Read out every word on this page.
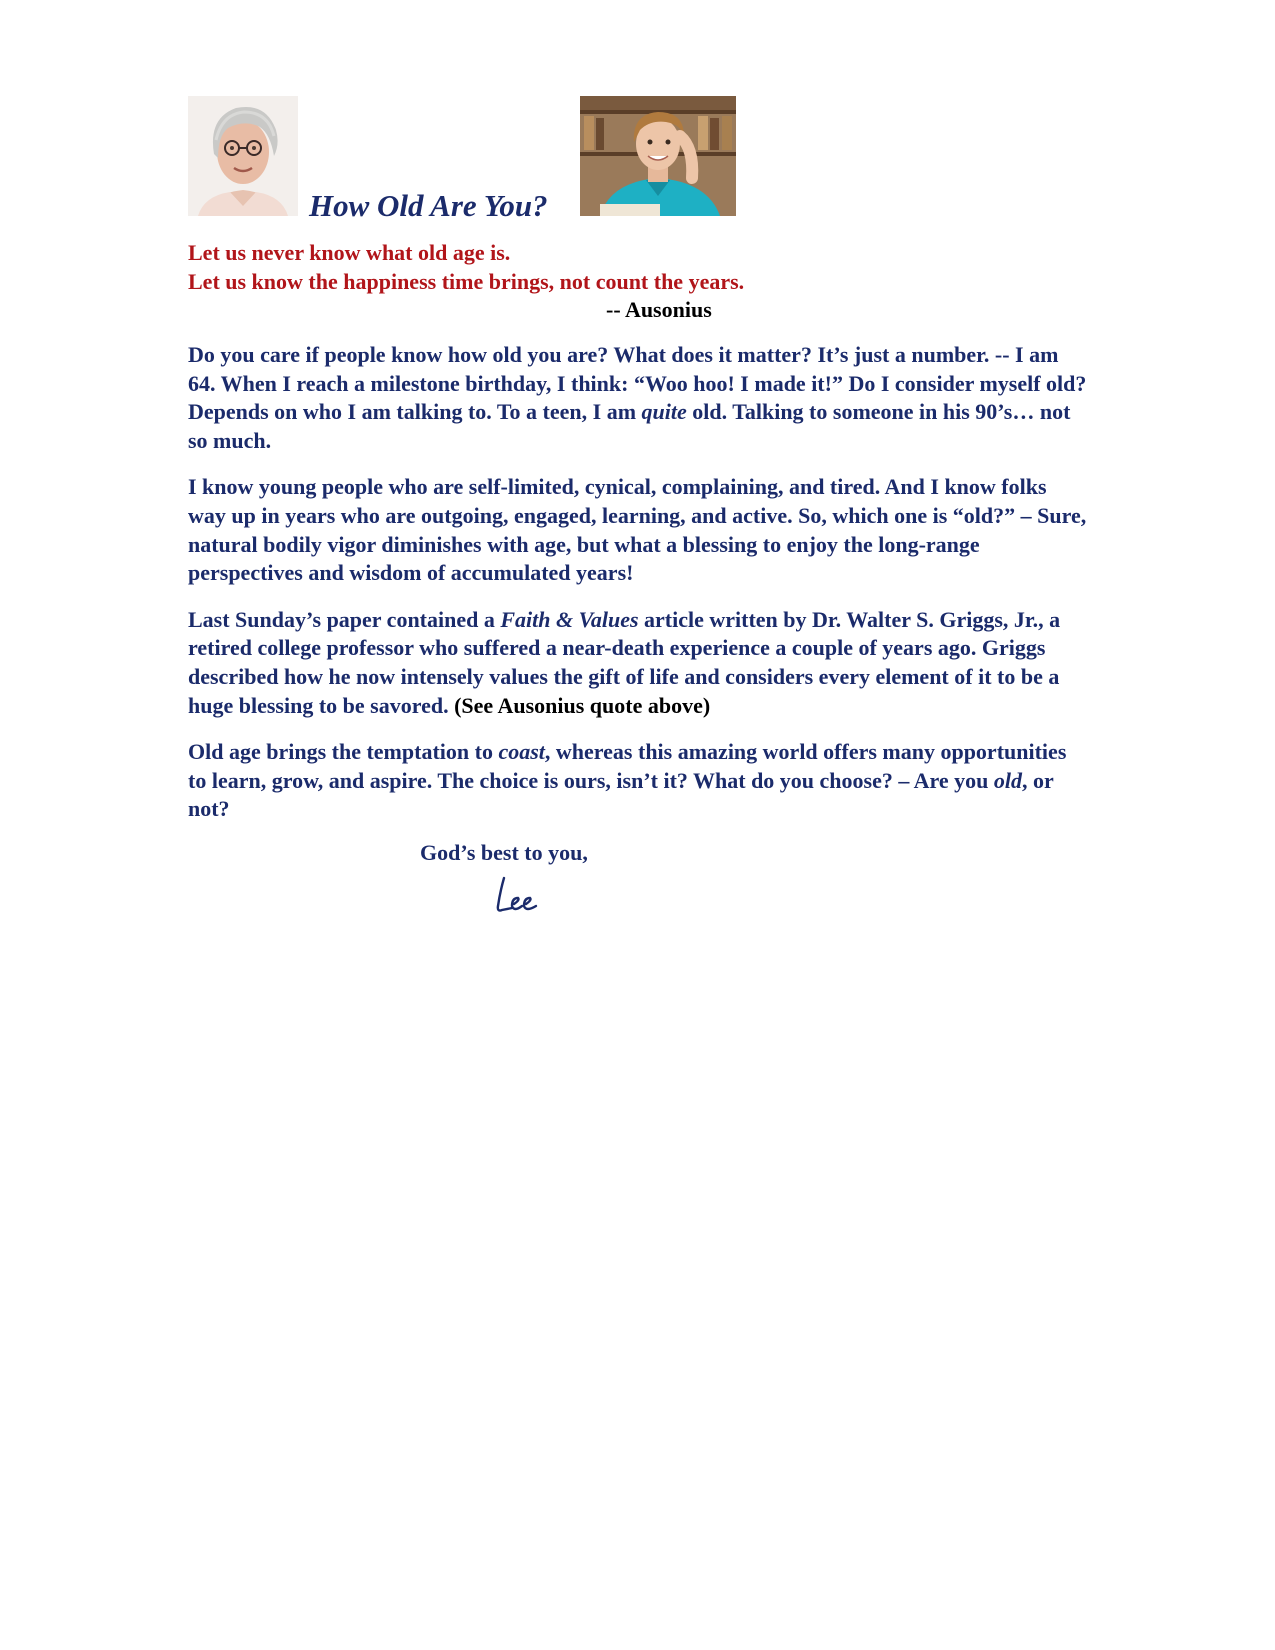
How Old Are You?
Let us never know what old age is.
Let us know the happiness time brings, not count the years.
-- Ausonius

Do you care if people know how old you are? What does it matter? It’s just a number. -- I am 64. When I reach a milestone birthday, I think: “Woo hoo! I made it!” Do I consider myself old? Depends on who I am talking to. To a teen, I am quite old. Talking to someone in his 90’s… not so much.

I know young people who are self-limited, cynical, complaining, and tired. And I know folks way up in years who are outgoing, engaged, learning, and active. So, which one is “old?” – Sure, natural bodily vigor diminishes with age, but what a blessing to enjoy the long-range perspectives and wisdom of accumulated years!

Last Sunday’s paper contained a Faith & Values article written by Dr. Walter S. Griggs, Jr., a retired college professor who suffered a near-death experience a couple of years ago. Griggs described how he now intensely values the gift of life and considers every element of it to be a huge blessing to be savored. (See Ausonius quote above)

Old age brings the temptation to coast, whereas this amazing world offers many opportunities to learn, grow, and aspire. The choice is ours, isn’t it? What do you choose? – Are you old, or not?

God’s best to you,
